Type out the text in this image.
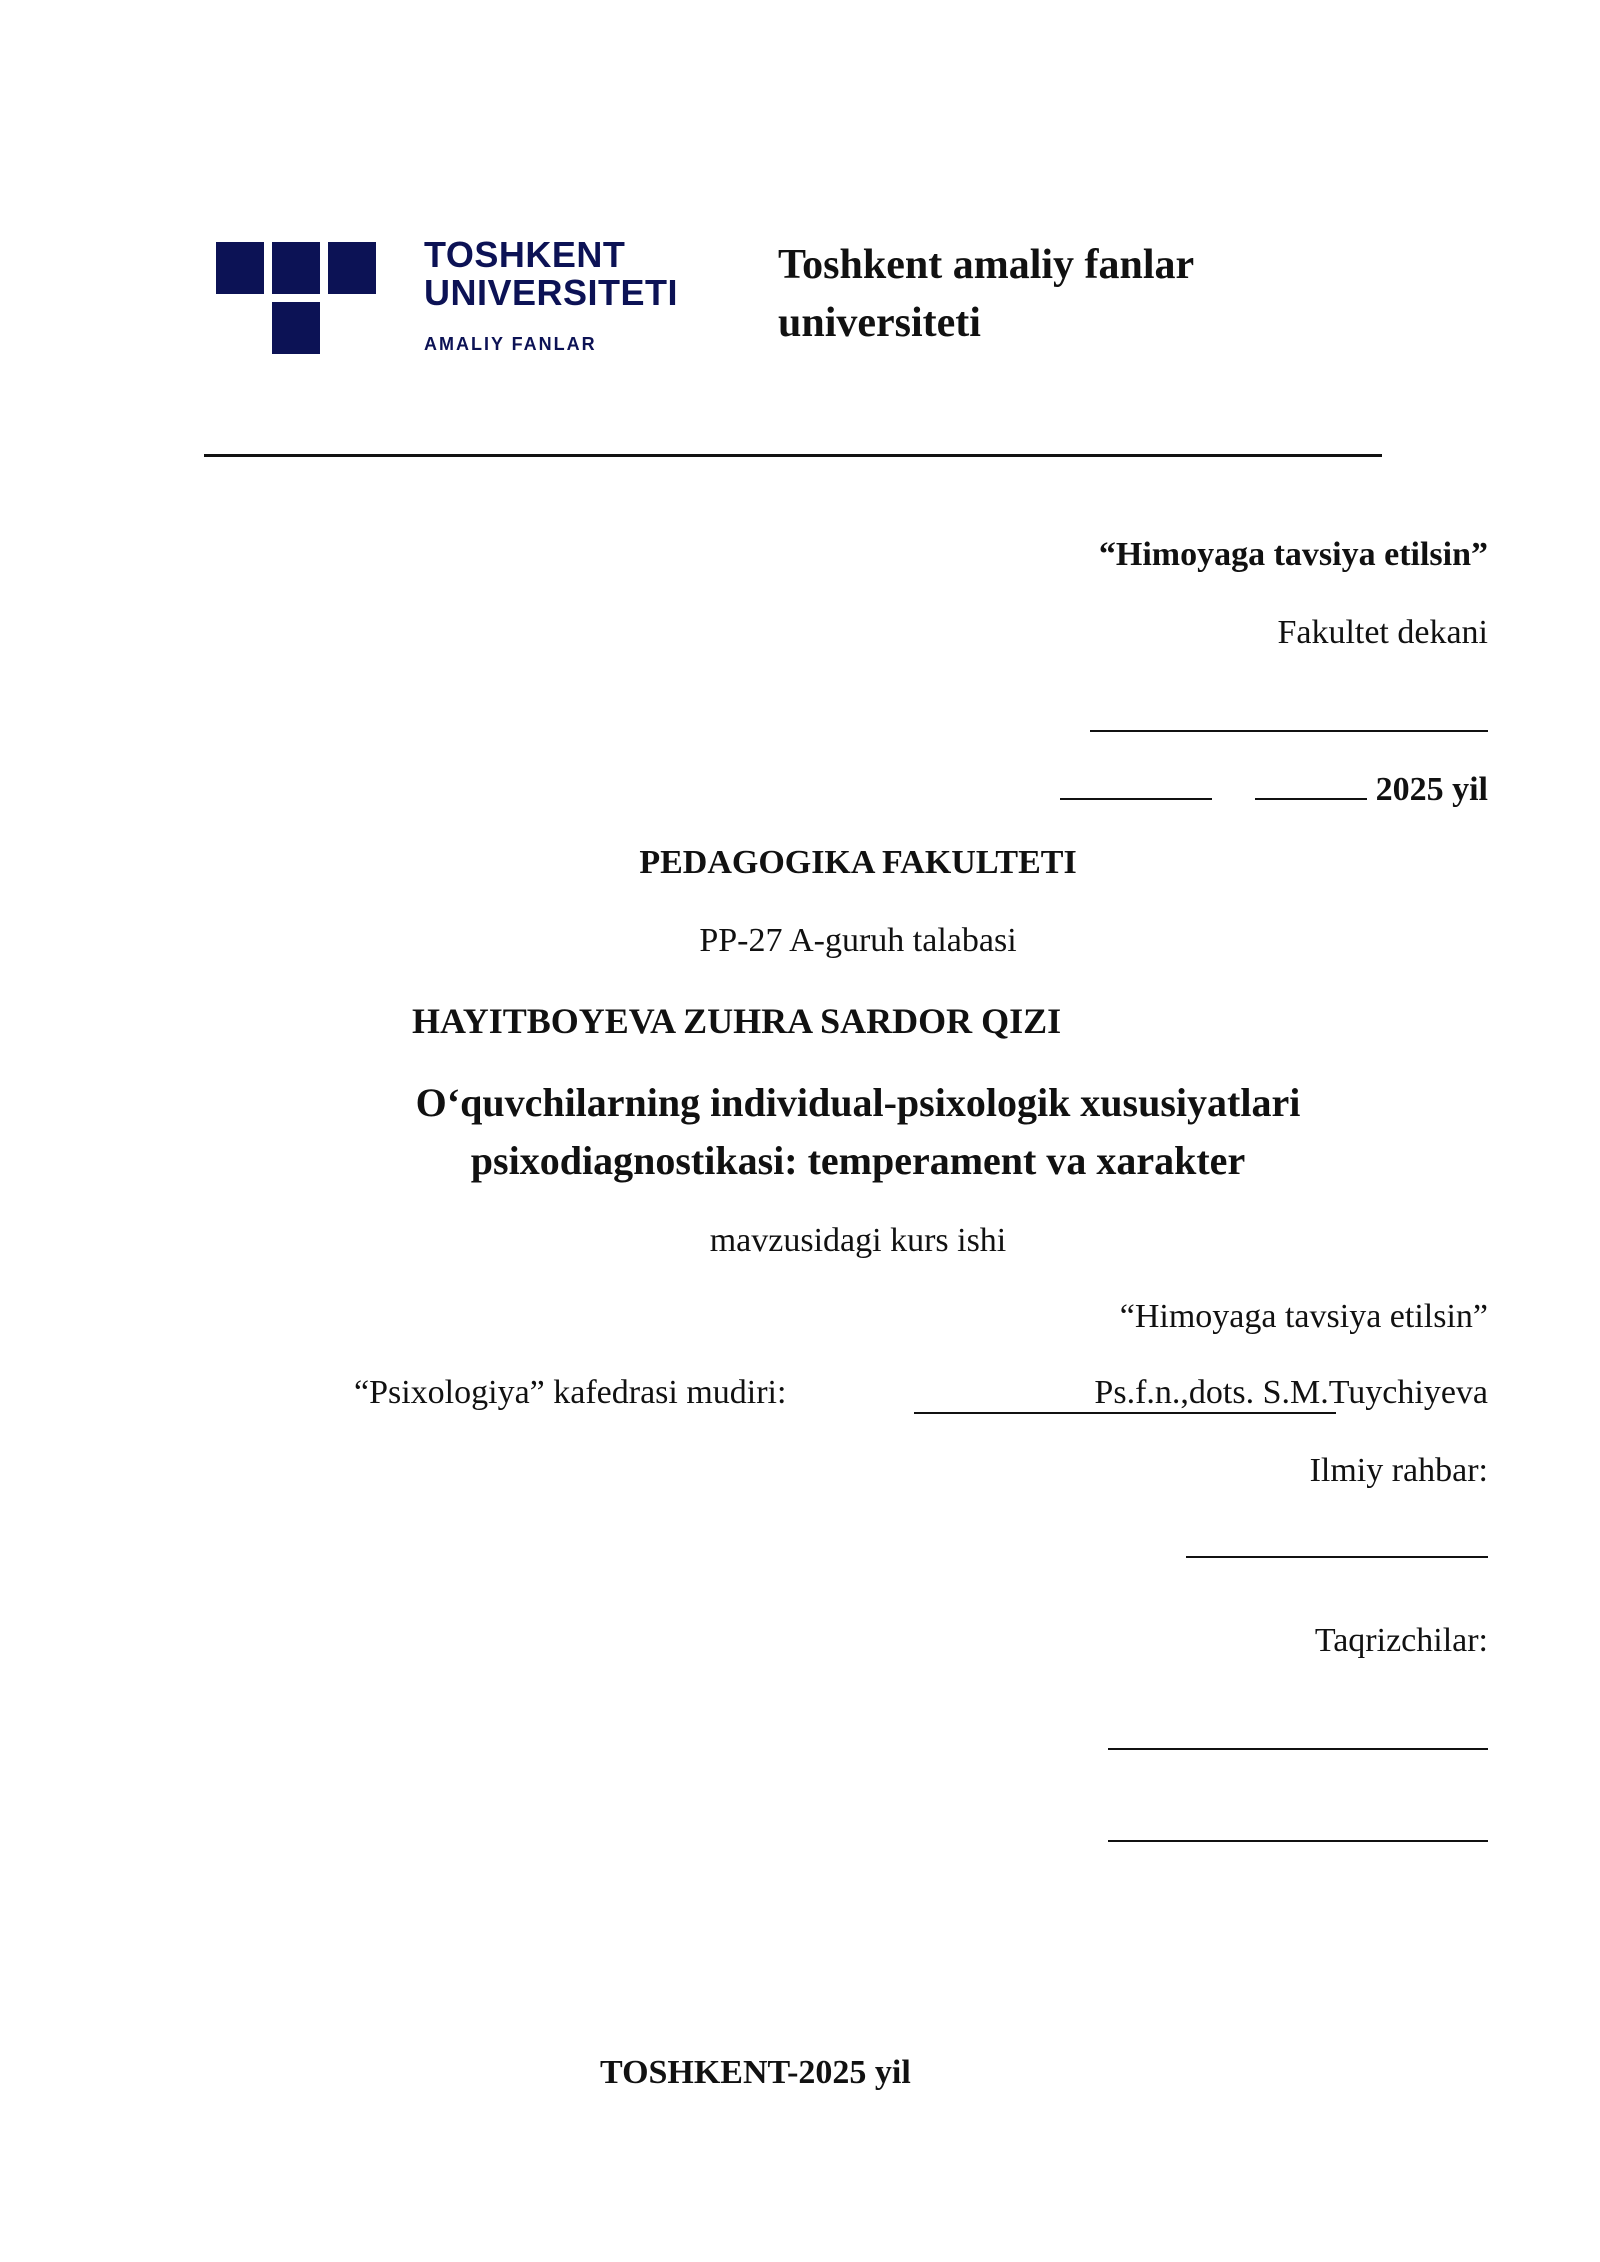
TOSHKENT
UNIVERSITETI
AMALIY FANLAR
Toshkent amaliy fanlar
universiteti
“Himoyaga tavsiya etilsin”
Fakultet dekani
2025 yil
PEDAGOGIKA FAKULTETI
PP-27 A-guruh talabasi
HAYITBOYEVA ZUHRA SARDOR QIZI
O‘quvchilarning individual-psixologik xususiyatlari
psixodiagnostikasi: temperament va xarakter
mavzusidagi kurs ishi
“Himoyaga tavsiya etilsin”
“Psixologiya” kafedrasi mudiri:	Ps.f.n.,dots. S.M.Tuychiyeva
Ilmiy rahbar:
Taqrizchilar:
TOSHKENT-2025 yil
